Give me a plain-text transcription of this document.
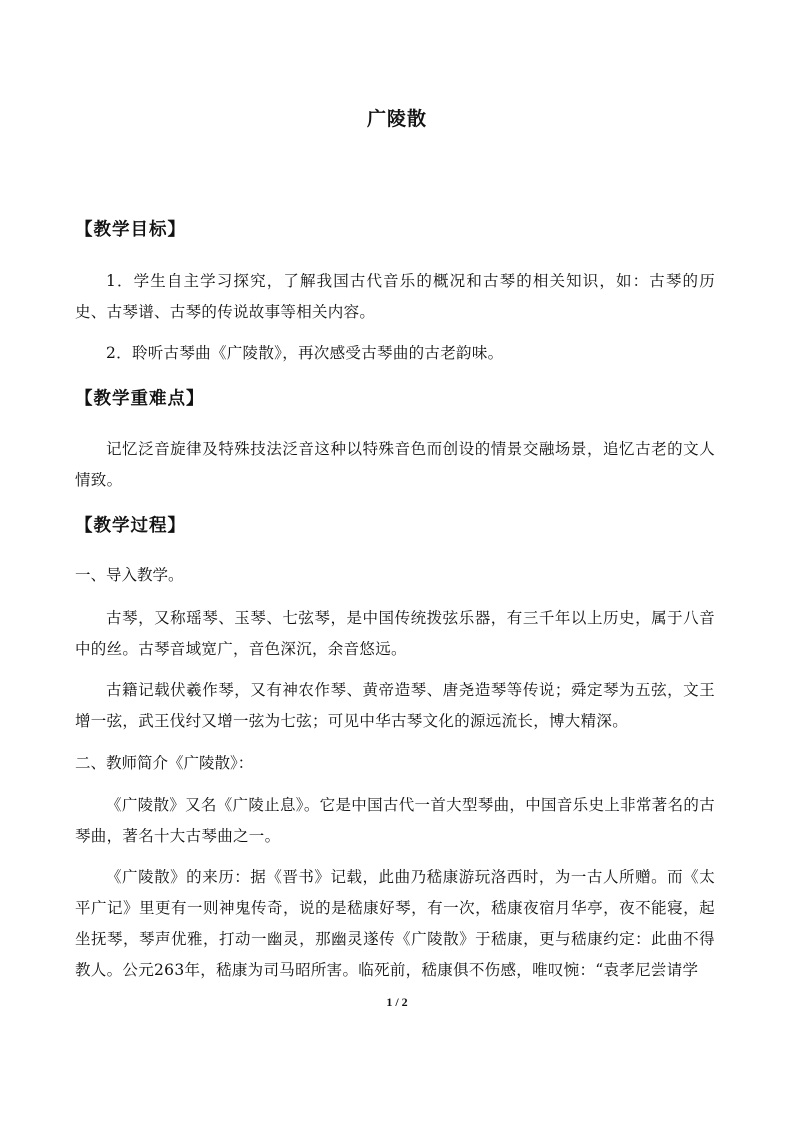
广陵散
【教学目标】
1．学生自主学习探究，了解我国古代音乐的概况和古琴的相关知识，如：古琴的历史、古琴谱、古琴的传说故事等相关内容。
2．聆听古琴曲《广陵散》，再次感受古琴曲的古老韵味。
【教学重难点】
记忆泛音旋律及特殊技法泛音这种以特殊音色而创设的情景交融场景，追忆古老的文人情致。
【教学过程】
一、导入教学。
古琴，又称瑶琴、玉琴、七弦琴，是中国传统拨弦乐器，有三千年以上历史，属于八音中的丝。古琴音域宽广，音色深沉，余音悠远。
古籍记载伏羲作琴，又有神农作琴、黄帝造琴、唐尧造琴等传说；舜定琴为五弦，文王增一弦，武王伐纣又增一弦为七弦；可见中华古琴文化的源远流长，博大精深。
二、教师简介《广陵散》：
《广陵散》又名《广陵止息》。它是中国古代一首大型琴曲，中国音乐史上非常著名的古琴曲，著名十大古琴曲之一。
《广陵散》的来历：据《晋书》记载，此曲乃嵇康游玩洛西时，为一古人所赠。而《太平广记》里更有一则神鬼传奇，说的是嵇康好琴，有一次，嵇康夜宿月华亭，夜不能寝，起坐抚琴，琴声优雅，打动一幽灵，那幽灵遂传《广陵散》于嵇康，更与嵇康约定：此曲不得教人。公元263年，嵇康为司马昭所害。临死前，嵇康俱不伤感，唯叹惋：“袁孝尼尝请学
1 / 2
